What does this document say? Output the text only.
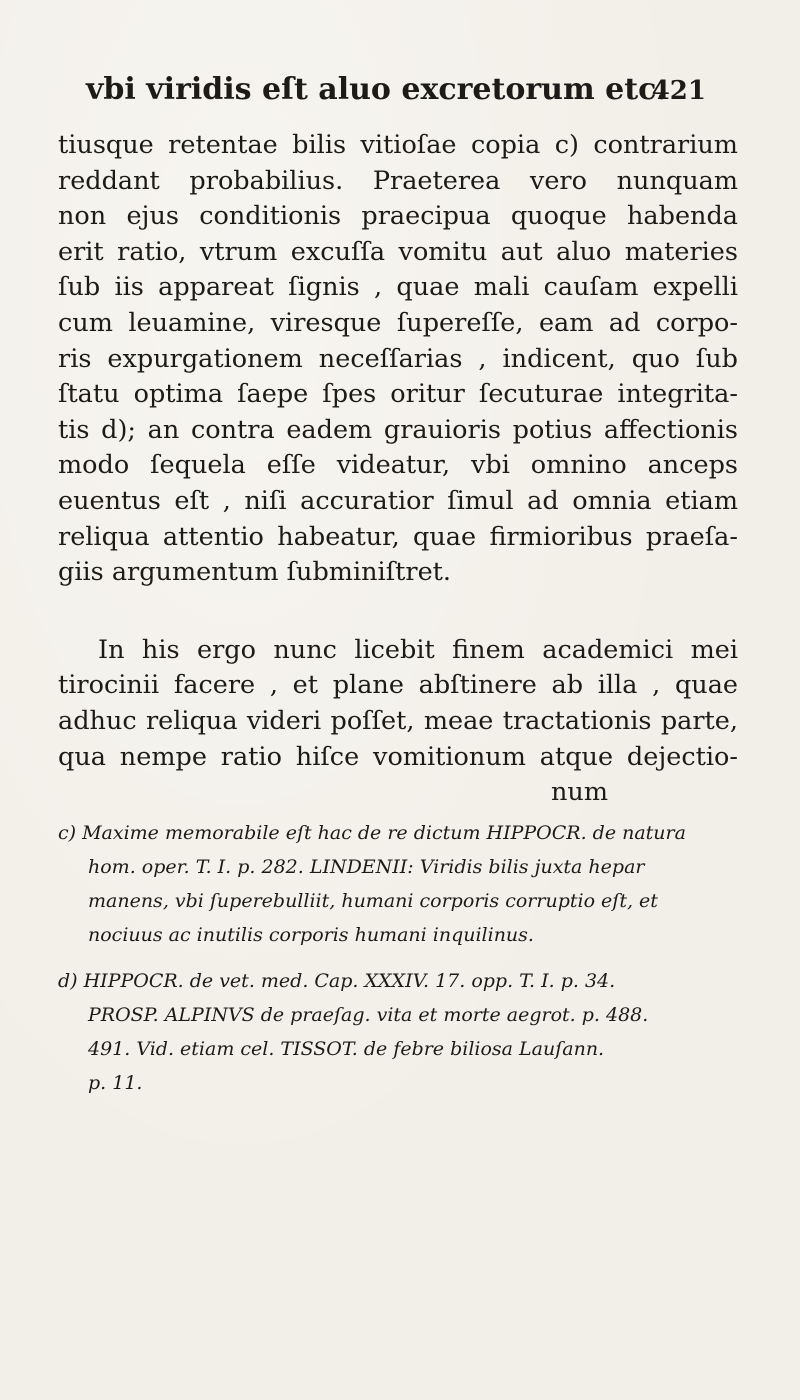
vbi viridis eſt aluo excretorum etc.
421
tiusque retentae bilis vitioſae copia c) contrarium
reddant probabilius. Praeterea vero nunquam
non ejus conditionis praecipua quoque habenda
erit ratio, vtrum excuſſa vomitu aut aluo materies
ſub iis appareat ſignis , quae mali cauſam expelli
cum leuamine, viresque ſupereſſe, eam ad corpo-
ris expurgationem neceſſarias , indicent, quo ſub
ſtatu optima ſaepe ſpes oritur ſecuturae integrita-
tis d); an contra eadem grauioris potius affectionis
modo ſequela eſſe videatur, vbi omnino anceps
euentus eſt , niſi accuratior ſimul ad omnia etiam
reliqua attentio habeatur, quae firmioribus praeſa-
giis argumentum ſubminiſtret.
In his ergo nunc licebit finem academici mei
tirocinii facere , et plane abſtinere ab illa , quae
adhuc reliqua videri poſſet, meae tractationis parte,
qua nempe ratio hiſce vomitionum atque dejectio-
num
c) Maxime memorabile eſt hac de re dictum HIPPOCR. de natura
hom. oper. T. I. p. 282. LINDENII: Viridis bilis juxta hepar
manens, vbi ſuperebulliit, humani corporis corruptio eſt, et
nociuus ac inutilis corporis humani inquilinus.
d) HIPPOCR. de vet. med. Cap. XXXIV. 17. opp. T. I. p. 34.
PROSP. ALPINVS de praeſag. vita et morte aegrot. p. 488.
491. Vid. etiam cel. TISSOT. de febre biliosa Lauſann.
p. 11.
